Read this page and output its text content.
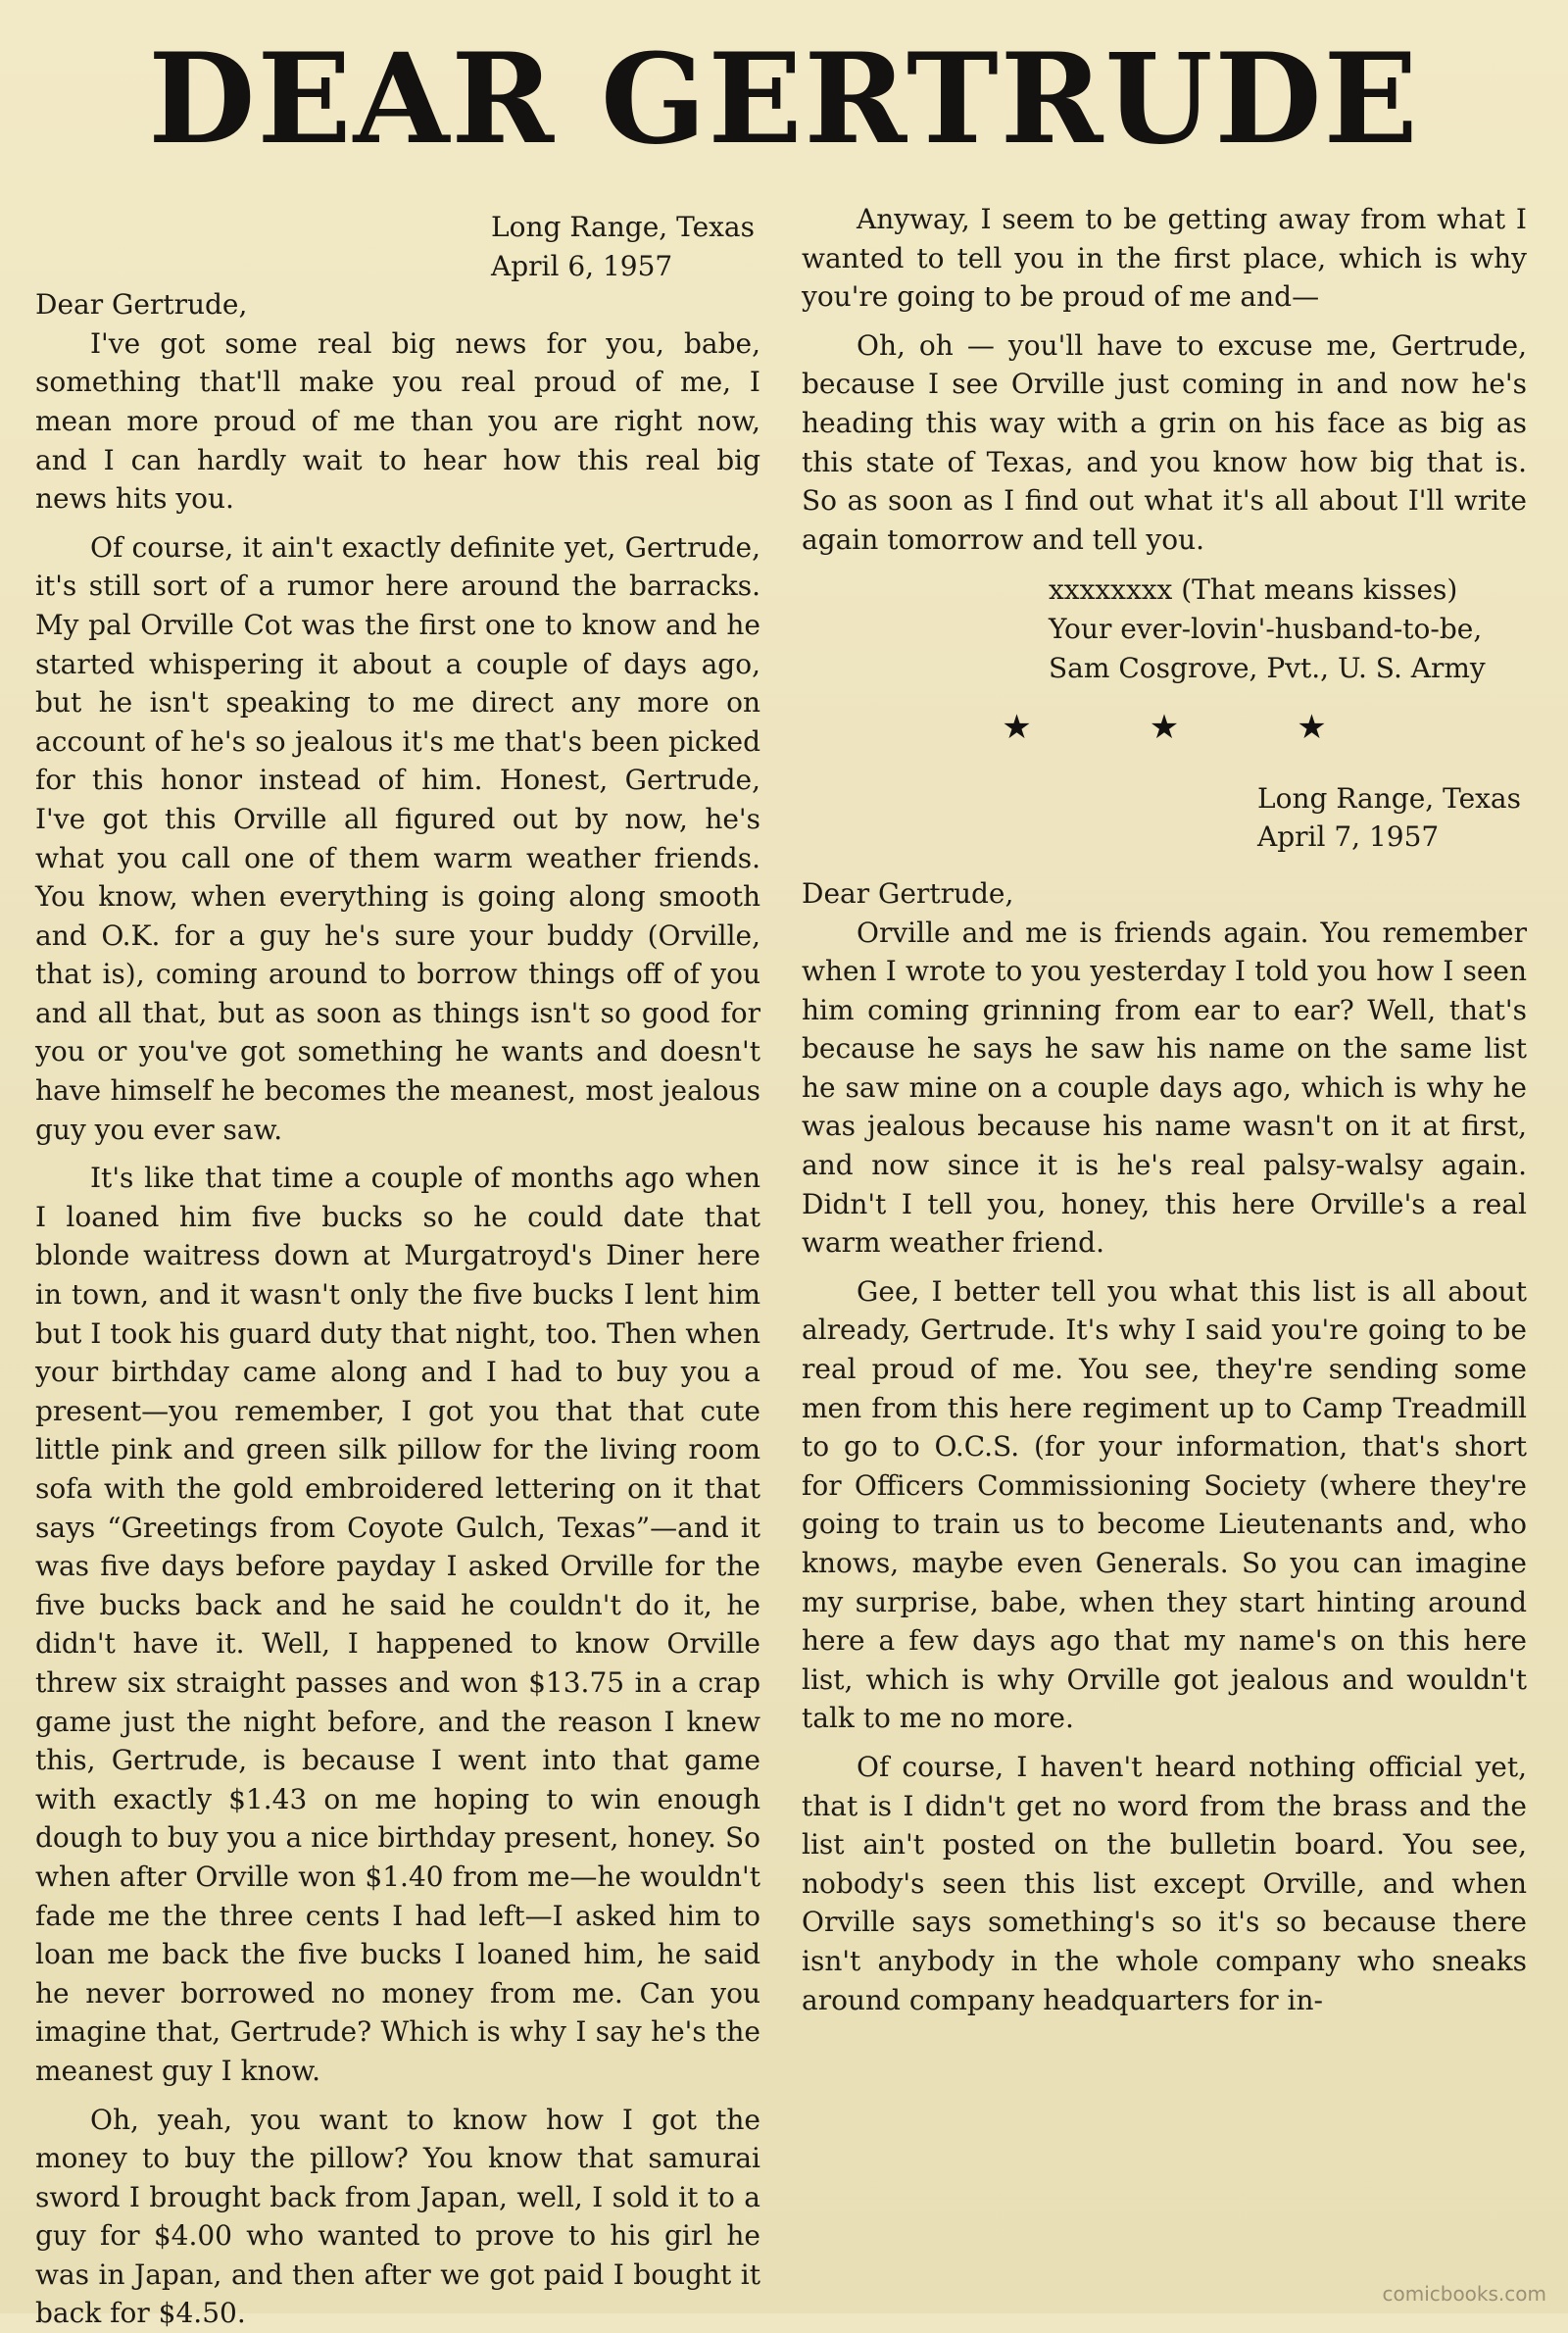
DEAR GERTRUDE
Long Range, Texas
April 6, 1957

Dear Gertrude,

I've got some real big news for you, babe, something that'll make you real proud of me, I mean more proud of me than you are right now, and I can hardly wait to hear how this real big news hits you.

Of course, it ain't exactly definite yet, Gertrude, it's still sort of a rumor here around the barracks. My pal Orville Cot was the first one to know and he started whispering it about a couple of days ago, but he isn't speaking to me direct any more on account of he's so jealous it's me that's been picked for this honor instead of him. Honest, Gertrude, I've got this Orville all figured out by now, he's what you call one of them warm weather friends. You know, when everything is going along smooth and O.K. for a guy he's sure your buddy (Orville, that is), coming around to borrow things off of you and all that, but as soon as things isn't so good for you or you've got something he wants and doesn't have himself he becomes the meanest, most jealous guy you ever saw.

It's like that time a couple of months ago when I loaned him five bucks so he could date that blonde waitress down at Murgatroyd's Diner here in town, and it wasn't only the five bucks I lent him but I took his guard duty that night, too. Then when your birthday came along and I had to buy you a present—you remember, I got you that that cute little pink and green silk pillow for the living room sofa with the gold embroidered lettering on it that says “Greetings from Coyote Gulch, Texas”—and it was five days before payday I asked Orville for the five bucks back and he said he couldn't do it, he didn't have it. Well, I happened to know Orville threw six straight passes and won $13.75 in a crap game just the night before, and the reason I knew this, Gertrude, is because I went into that game with exactly $1.43 on me hoping to win enough dough to buy you a nice birthday present, honey. So when after Orville won $1.40 from me—he wouldn't fade me the three cents I had left—I asked him to loan me back the five bucks I loaned him, he said he never borrowed no money from me. Can you imagine that, Gertrude? Which is why I say he's the meanest guy I know.

Oh, yeah, you want to know how I got the money to buy the pillow? You know that samurai sword I brought back from Japan, well, I sold it to a guy for $4.00 who wanted to prove to his girl he was in Japan, and then after we got paid I bought it back for $4.50.

Anyway, I seem to be getting away from what I wanted to tell you in the first place, which is why you're going to be proud of me and—

Oh, oh — you'll have to excuse me, Gertrude, because I see Orville just coming in and now he's heading this way with a grin on his face as big as this state of Texas, and you know how big that is. So as soon as I find out what it's all about I'll write again tomorrow and tell you.

xxxxxxxx (That means kisses)
Your ever-lovin'-husband-to-be,
Sam Cosgrove, Pvt., U. S. Army
★	★	★
Long Range, Texas
April 7, 1957

Dear Gertrude,

Orville and me is friends again. You remember when I wrote to you yesterday I told you how I seen him coming grinning from ear to ear? Well, that's because he says he saw his name on the same list he saw mine on a couple days ago, which is why he was jealous because his name wasn't on it at first, and now since it is he's real palsy-walsy again. Didn't I tell you, honey, this here Orville's a real warm weather friend.

Gee, I better tell you what this list is all about already, Gertrude. It's why I said you're going to be real proud of me. You see, they're sending some men from this here regiment up to Camp Treadmill to go to O.C.S. (for your information, that's short for Officers Commissioning Society (where they're going to train us to become Lieutenants and, who knows, maybe even Generals. So you can imagine my surprise, babe, when they start hinting around here a few days ago that my name's on this here list, which is why Orville got jealous and wouldn't talk to me no more.

Of course, I haven't heard nothing official yet, that is I didn't get no word from the brass and the list ain't posted on the bulletin board. You see, nobody's seen this list except Orville, and when Orville says something's so it's so because there isn't anybody in the whole company who sneaks around company headquarters for in-

comicbooks.com
